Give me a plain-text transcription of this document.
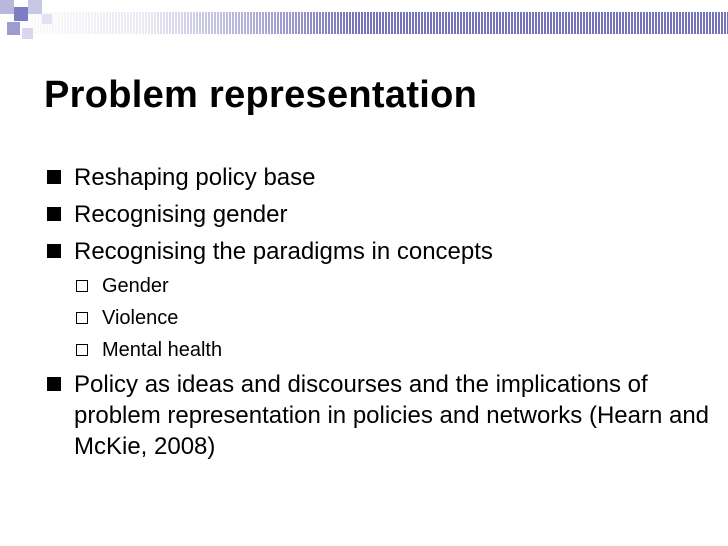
Problem representation
Reshaping policy base
Recognising gender
Recognising the paradigms in concepts
Gender
Violence
Mental health
Policy as ideas and discourses and the implications of problem representation in policies and networks (Hearn and McKie, 2008)
